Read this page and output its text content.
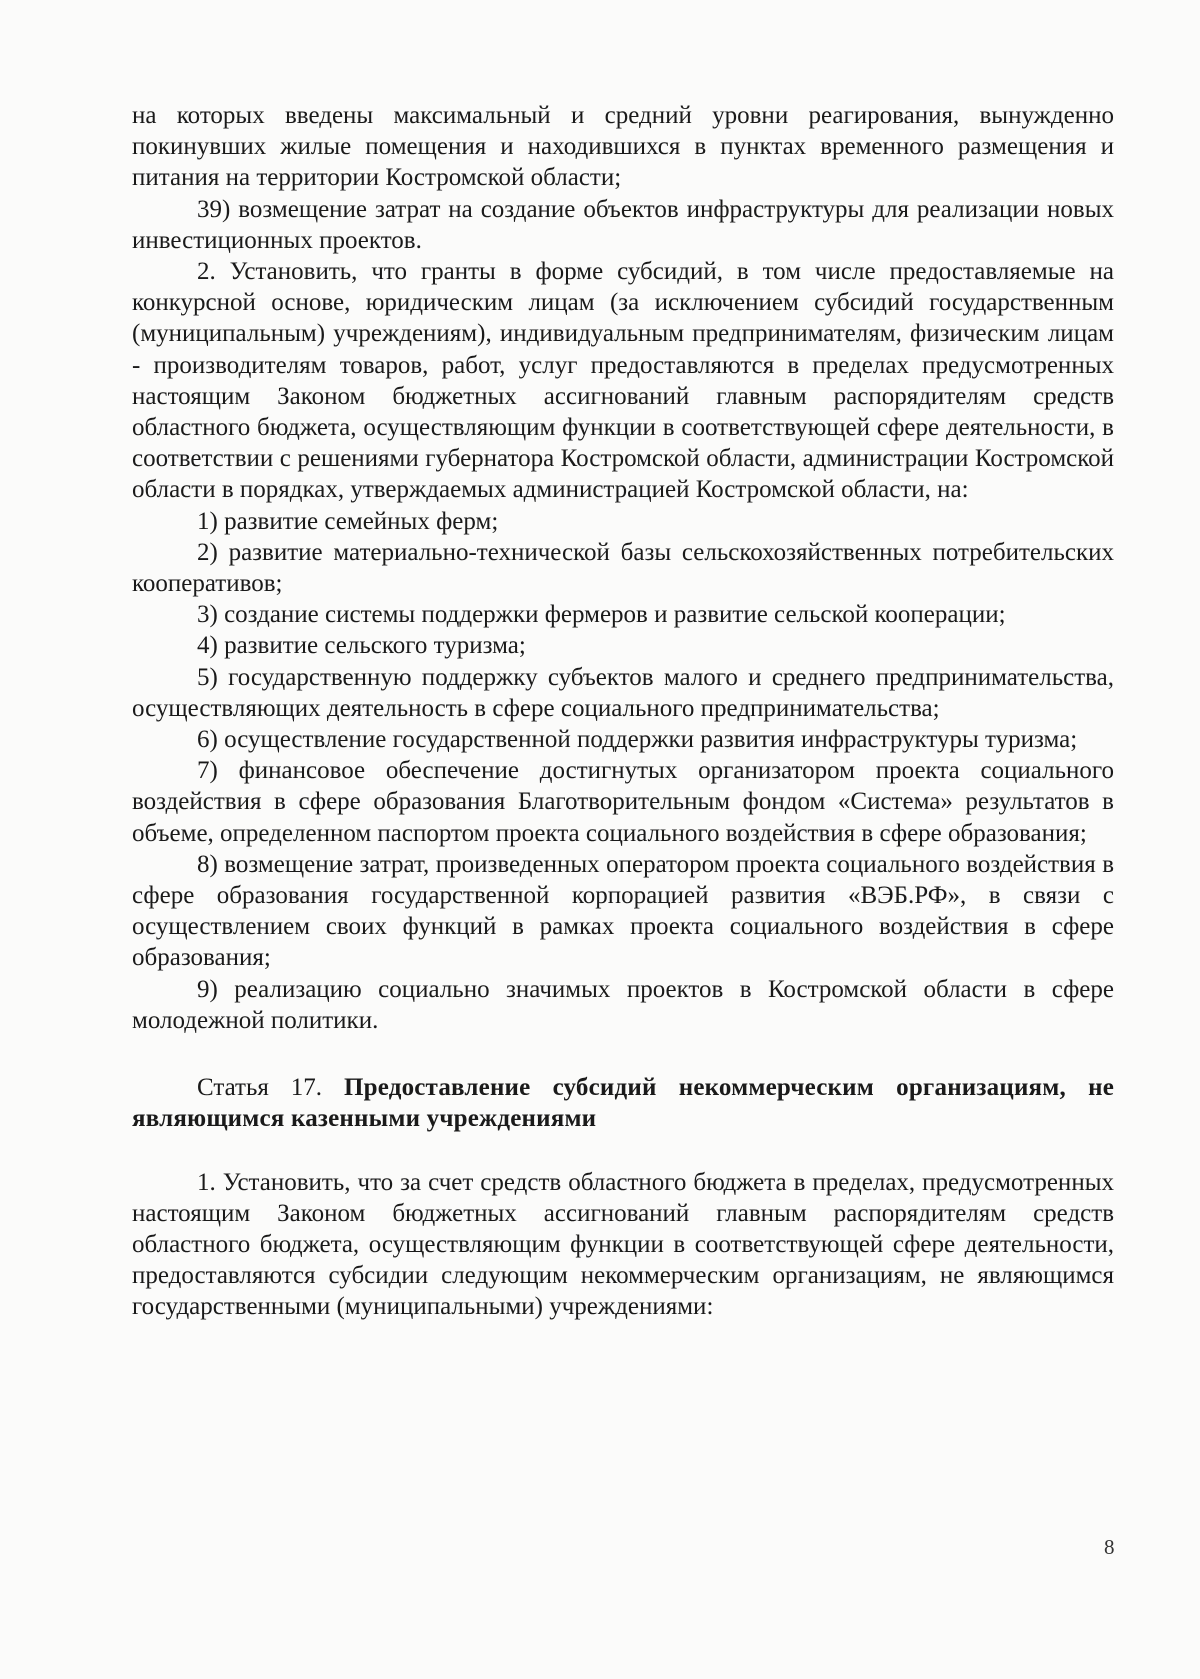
на которых введены максимальный и средний уровни реагирования, вынужденно покинувших жилые помещения и находившихся в пунктах временного размещения и питания на территории Костромской области;

39) возмещение затрат на создание объектов инфраструктуры для реализации новых инвестиционных проектов.

2. Установить, что гранты в форме субсидий, в том числе предоставляемые на конкурсной основе, юридическим лицам (за исключением субсидий государственным (муниципальным) учреждениям), индивидуальным предпринимателям, физическим лицам - производителям товаров, работ, услуг предоставляются в пределах предусмотренных настоящим Законом бюджетных ассигнований главным распорядителям средств областного бюджета, осуществляющим функции в соответствующей сфере деятельности, в соответствии с решениями губернатора Костромской области, администрации Костромской области в порядках, утверждаемых администрацией Костромской области, на:

1) развитие семейных ферм;

2) развитие материально-технической базы сельскохозяйственных потребительских кооперативов;

3) создание системы поддержки фермеров и развитие сельской кооперации;

4) развитие сельского туризма;

5) государственную поддержку субъектов малого и среднего предпринимательства, осуществляющих деятельность в сфере социального предпринимательства;

6) осуществление государственной поддержки развития инфраструктуры туризма;

7) финансовое обеспечение достигнутых организатором проекта социального воздействия в сфере образования Благотворительным фондом «Система» результатов в объеме, определенном паспортом проекта социального воздействия в сфере образования;

8) возмещение затрат, произведенных оператором проекта социального воздействия в сфере образования государственной корпорацией развития «ВЭБ.РФ», в связи с осуществлением своих функций в рамках проекта социального воздействия в сфере образования;

9) реализацию социально значимых проектов в Костромской области в сфере молодежной политики.

Статья 17. Предоставление субсидий некоммерческим организациям, не являющимся казенными учреждениями

1. Установить, что за счет средств областного бюджета в пределах, предусмотренных настоящим Законом бюджетных ассигнований главным распорядителям средств областного бюджета, осуществляющим функции в соответствующей сфере деятельности, предоставляются субсидии следующим некоммерческим организациям, не являющимся государственными (муниципальными) учреждениями:

8
